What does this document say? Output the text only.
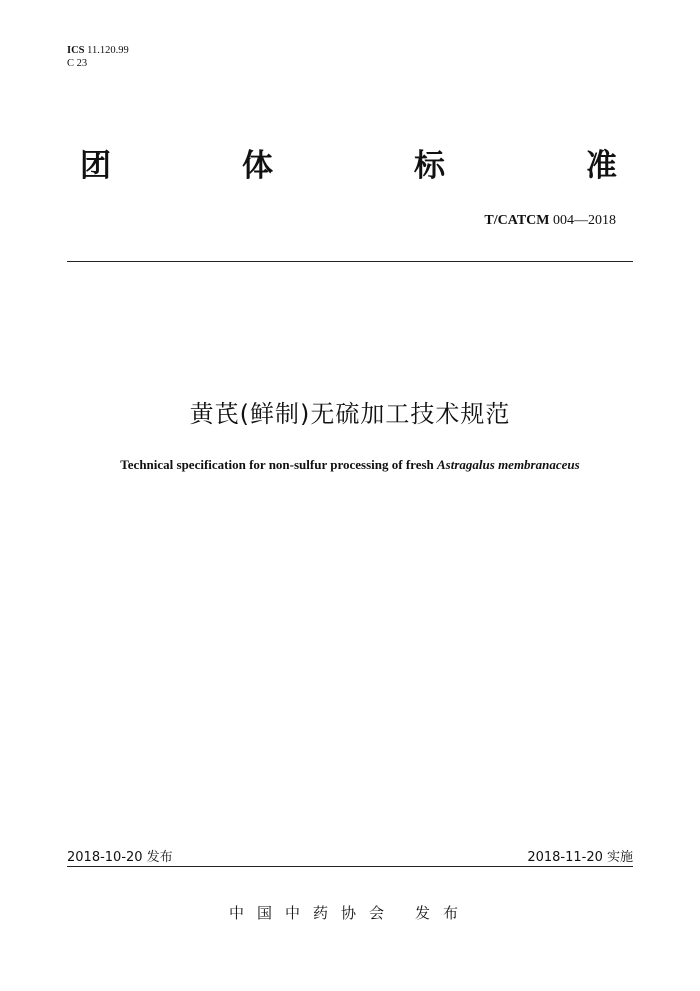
ICS 11.120.99
C 23
团	体	标	准
T/CATCM 004—2018
黄芪(鲜制)无硫加工技术规范
Technical specification for non-sulfur processing of fresh Astragalus membranaceus
2018-10-20 发布	2018-11-20 实施
中国中药协会 发布
